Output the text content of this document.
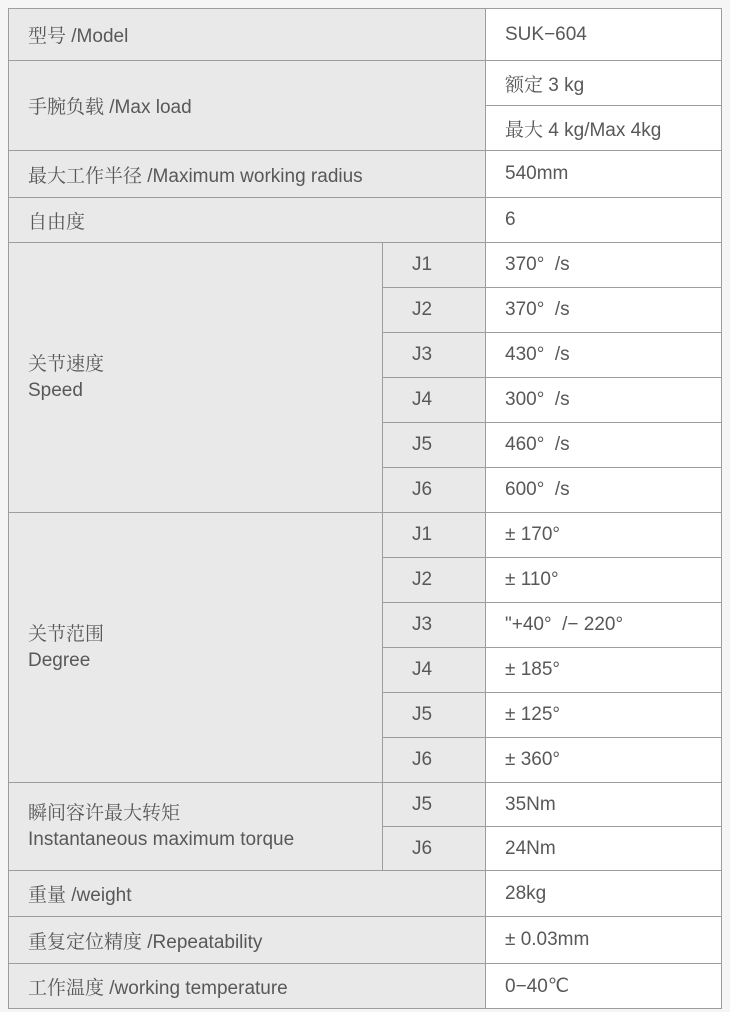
型号 /Model		SUK−604
手腕负载 /Max load		额定 3 kg
		最大 4 kg/Max 4kg
最大工作半径 /Maximum working radius		540mm
自由度		6

关节速度
Speed	J1	370°  /s
	J2	370°  /s
	J3	430°  /s
	J4	300°  /s
	J5	460°  /s
	J6	600°  /s

关节范围
Degree	J1	± 170°
	J2	± 110°
	J3	"+40°  /− 220°
	J4	± 185°
	J5	± 125°
	J6	± 360°

瞬间容许最大转矩
Instantaneous maximum torque	J5	35Nm
	J6	24Nm
重量 /weight		28kg
重复定位精度 /Repeatability		± 0.03mm
工作温度 /working temperature		0−40℃
